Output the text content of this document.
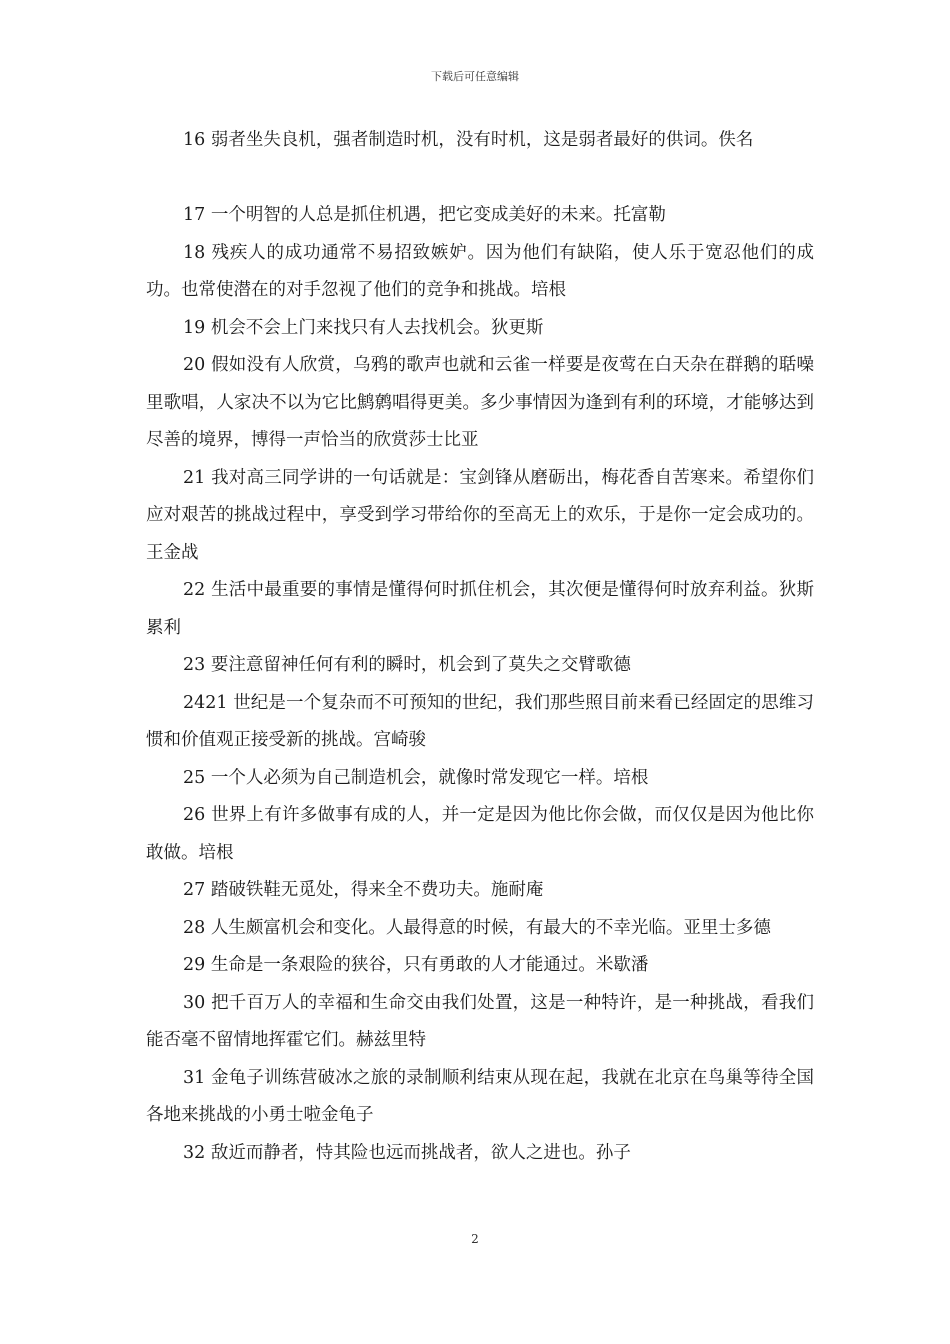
下载后可任意编辑

16 弱者坐失良机，强者制造时机，没有时机，这是弱者最好的供词。佚名

17 一个明智的人总是抓住机遇，把它变成美好的未来。托富勒

18 残疾人的成功通常不易招致嫉妒。因为他们有缺陷，使人乐于宽忍他们的成功。也常使潜在的对手忽视了他们的竞争和挑战。培根

19 机会不会上门来找只有人去找机会。狄更斯

20 假如没有人欣赏，乌鸦的歌声也就和云雀一样要是夜莺在白天杂在群鹅的聒噪里歌唱，人家决不以为它比鹪鹩唱得更美。多少事情因为逢到有利的环境，才能够达到尽善的境界，博得一声恰当的欣赏莎士比亚

21 我对高三同学讲的一句话就是：宝剑锋从磨砺出，梅花香自苦寒来。希望你们应对艰苦的挑战过程中，享受到学习带给你的至高无上的欢乐，于是你一定会成功的。王金战

22 生活中最重要的事情是懂得何时抓住机会，其次便是懂得何时放弃利益。狄斯累利

23 要注意留神任何有利的瞬时，机会到了莫失之交臂歌德

2421 世纪是一个复杂而不可预知的世纪，我们那些照目前来看已经固定的思维习惯和价值观正接受新的挑战。宫崎骏

25 一个人必须为自己制造机会，就像时常发现它一样。培根

26 世界上有许多做事有成的人，并一定是因为他比你会做，而仅仅是因为他比你敢做。培根

27 踏破铁鞋无觅处，得来全不费功夫。施耐庵

28 人生颇富机会和变化。人最得意的时候，有最大的不幸光临。亚里士多德

29 生命是一条艰险的狭谷，只有勇敢的人才能通过。米歇潘

30 把千百万人的幸福和生命交由我们处置，这是一种特许，是一种挑战，看我们能否毫不留情地挥霍它们。赫兹里特

31 金龟子训练营破冰之旅的录制顺利结束从现在起，我就在北京在鸟巢等待全国各地来挑战的小勇士啦金龟子

32 敌近而静者，恃其险也远而挑战者，欲人之进也。孙子

2
